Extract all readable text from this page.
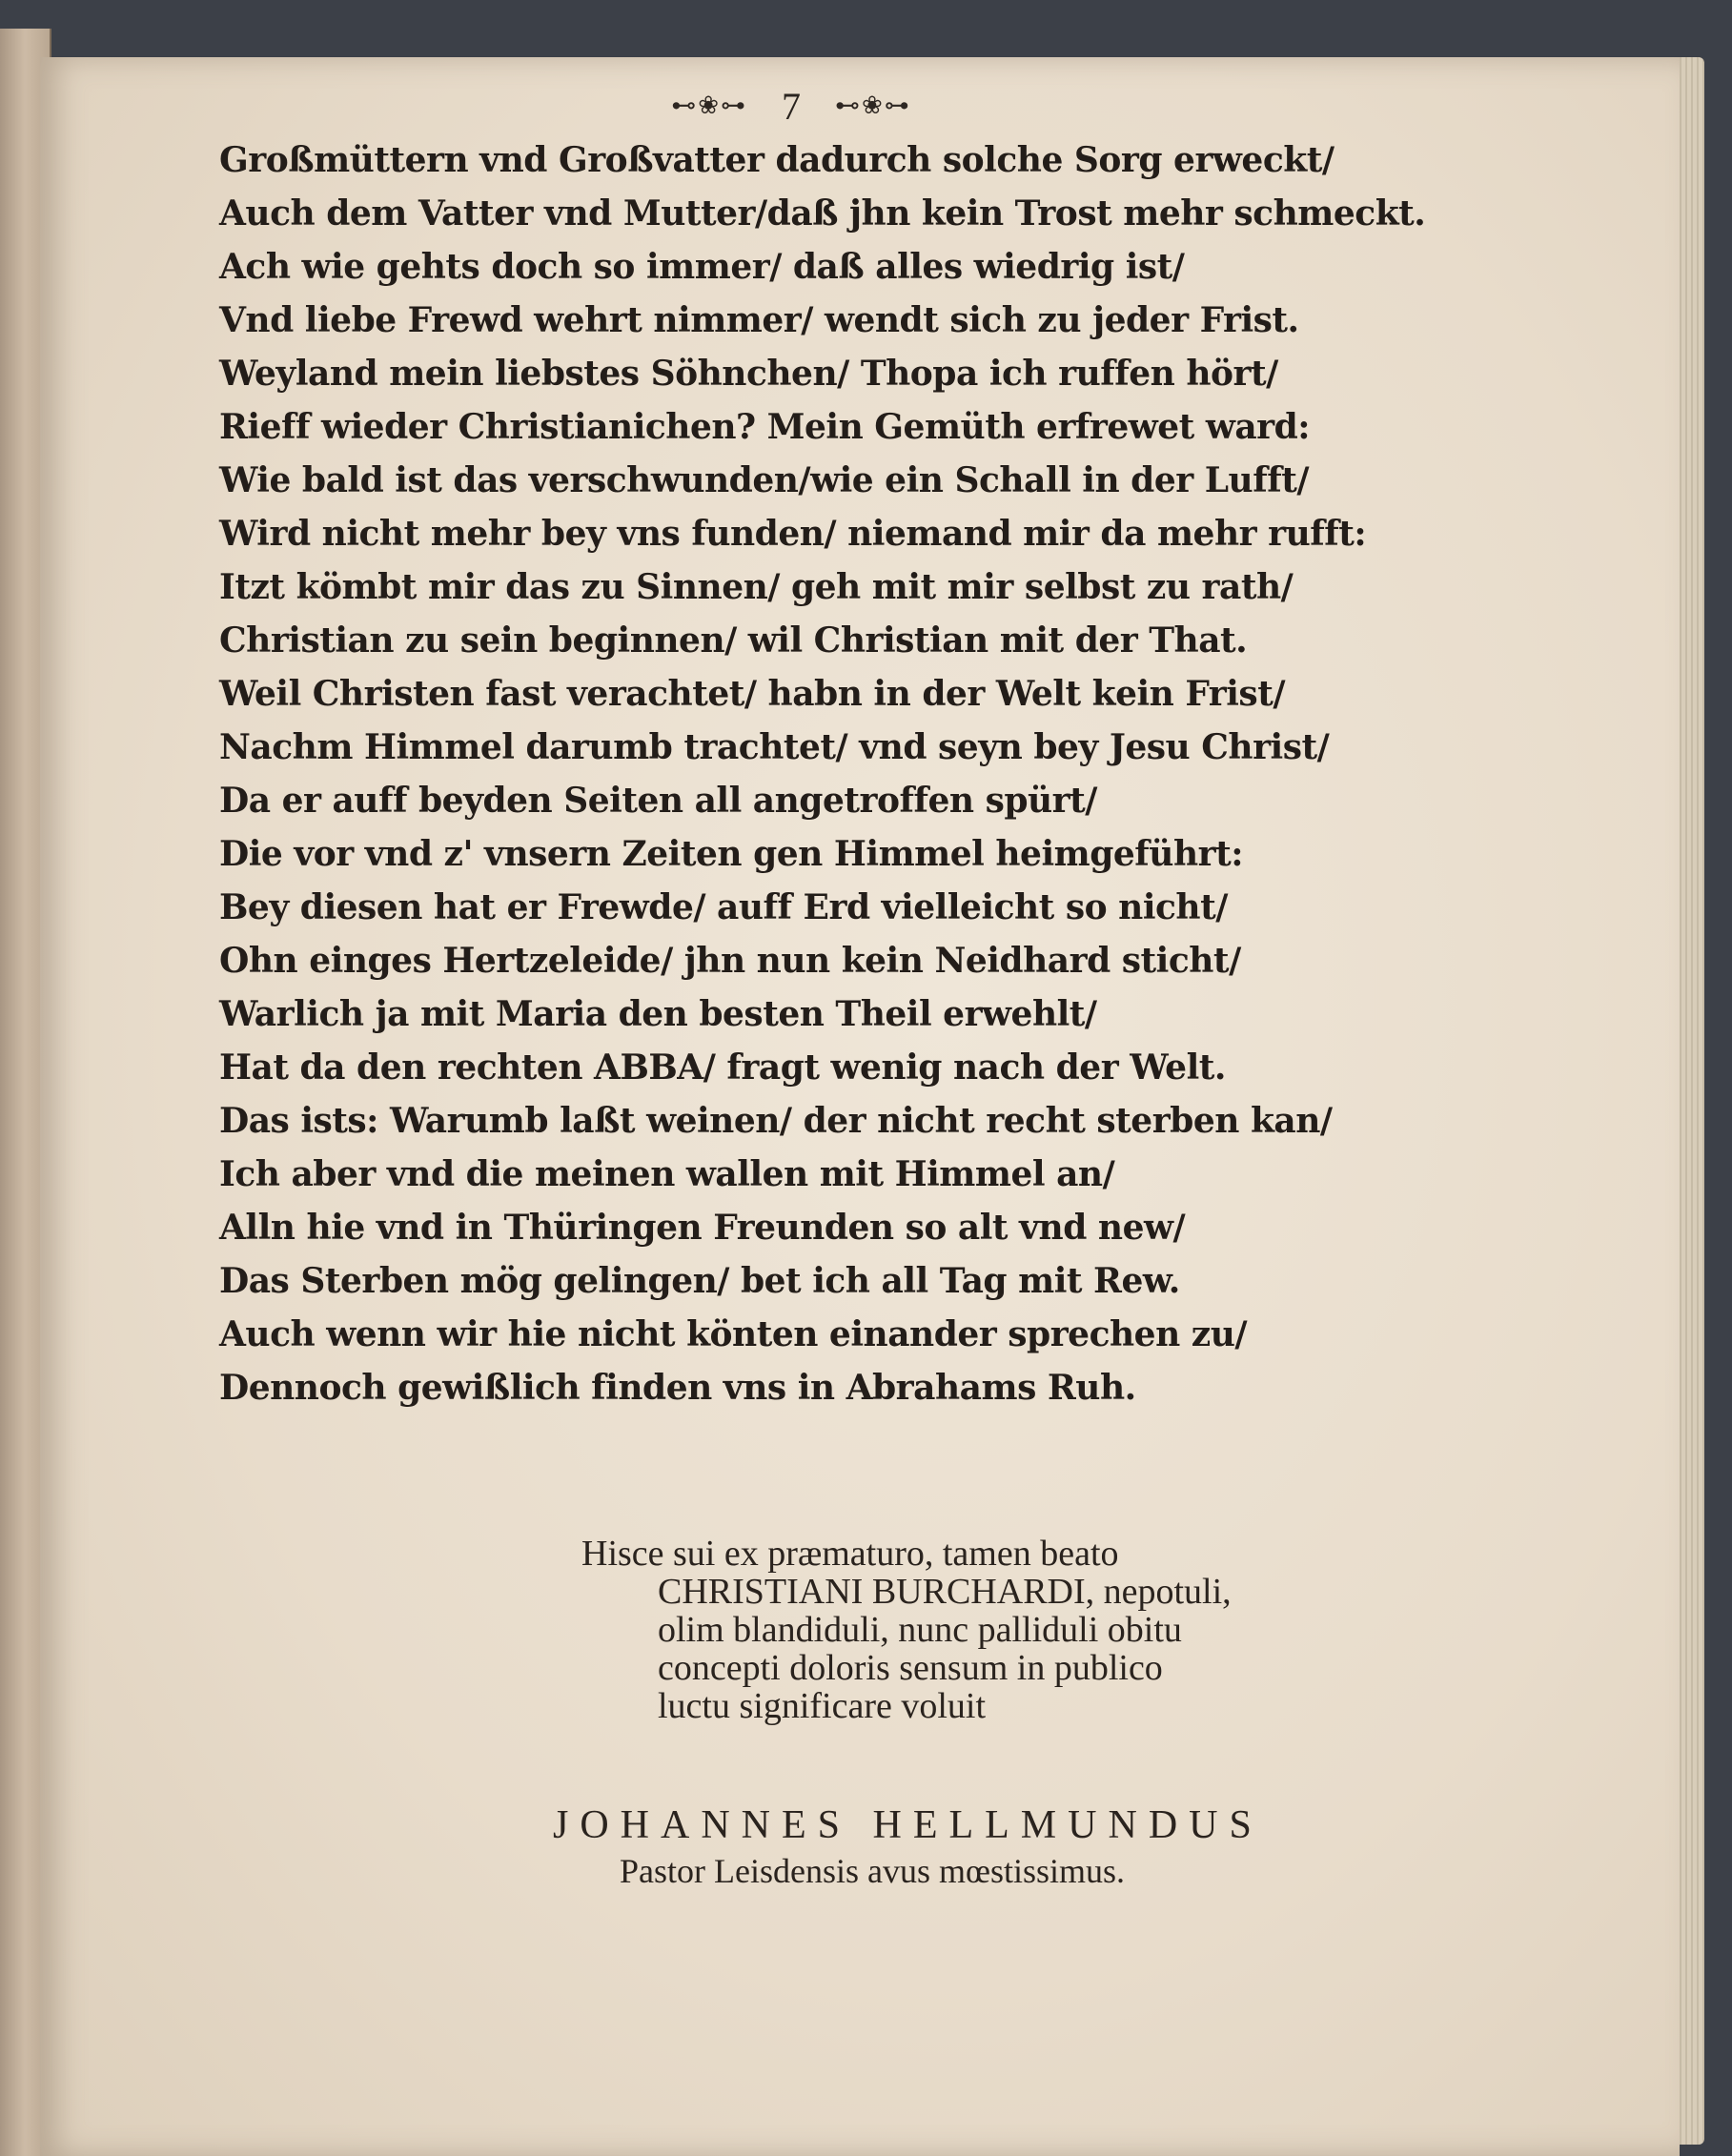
⊷❀⊶ 7 ⊷❀⊶
Großmüttern vnd Großvatter dadurch solche Sorg erweckt/
Auch dem Vatter vnd Mutter/daß jhn kein Trost mehr schmeckt.
Ach wie gehts doch so immer/ daß alles wiedrig ist/
Vnd liebe Frewd wehrt nimmer/ wendt sich zu jeder Frist.
Weyland mein liebstes Söhnchen/ Thopa ich ruffen hört/
Rieff wieder Christianichen? Mein Gemüth erfrewet ward:
Wie bald ist das verschwunden/wie ein Schall in der Lufft/
Wird nicht mehr bey vns funden/ niemand mir da mehr rufft:
Itzt kömbt mir das zu Sinnen/ geh mit mir selbst zu rath/
Christian zu sein beginnen/ wil Christian mit der That.
Weil Christen fast verachtet/ habn in der Welt kein Frist/
Nachm Himmel darumb trachtet/ vnd seyn bey Jesu Christ/
Da er auff beyden Seiten all angetroffen spürt/
Die vor vnd z' vnsern Zeiten gen Himmel heimgeführt:
Bey diesen hat er Frewde/ auff Erd vielleicht so nicht/
Ohn einges Hertzeleide/ jhn nun kein Neidhard sticht/
Warlich ja mit Maria den besten Theil erwehlt/
Hat da den rechten ABBA/ fragt wenig nach der Welt.
Das ists: Warumb laßt weinen/ der nicht recht sterben kan/
Ich aber vnd die meinen wallen mit Himmel an/
Alln hie vnd in Thüringen Freunden so alt vnd new/
Das Sterben mög gelingen/ bet ich all Tag mit Rew.
Auch wenn wir hie nicht könten einander sprechen zu/
Dennoch gewißlich finden vns in Abrahams Ruh.
Hisce sui ex præmaturo, tamen beato
CHRISTIANI BURCHARDI, nepotuli,
olim blandiduli, nunc palliduli obitu
concepti doloris sensum in publico
luctu significare voluit
JOHANNES HELLMUNDUS
Pastor Leisdensis avus mœstissimus.
